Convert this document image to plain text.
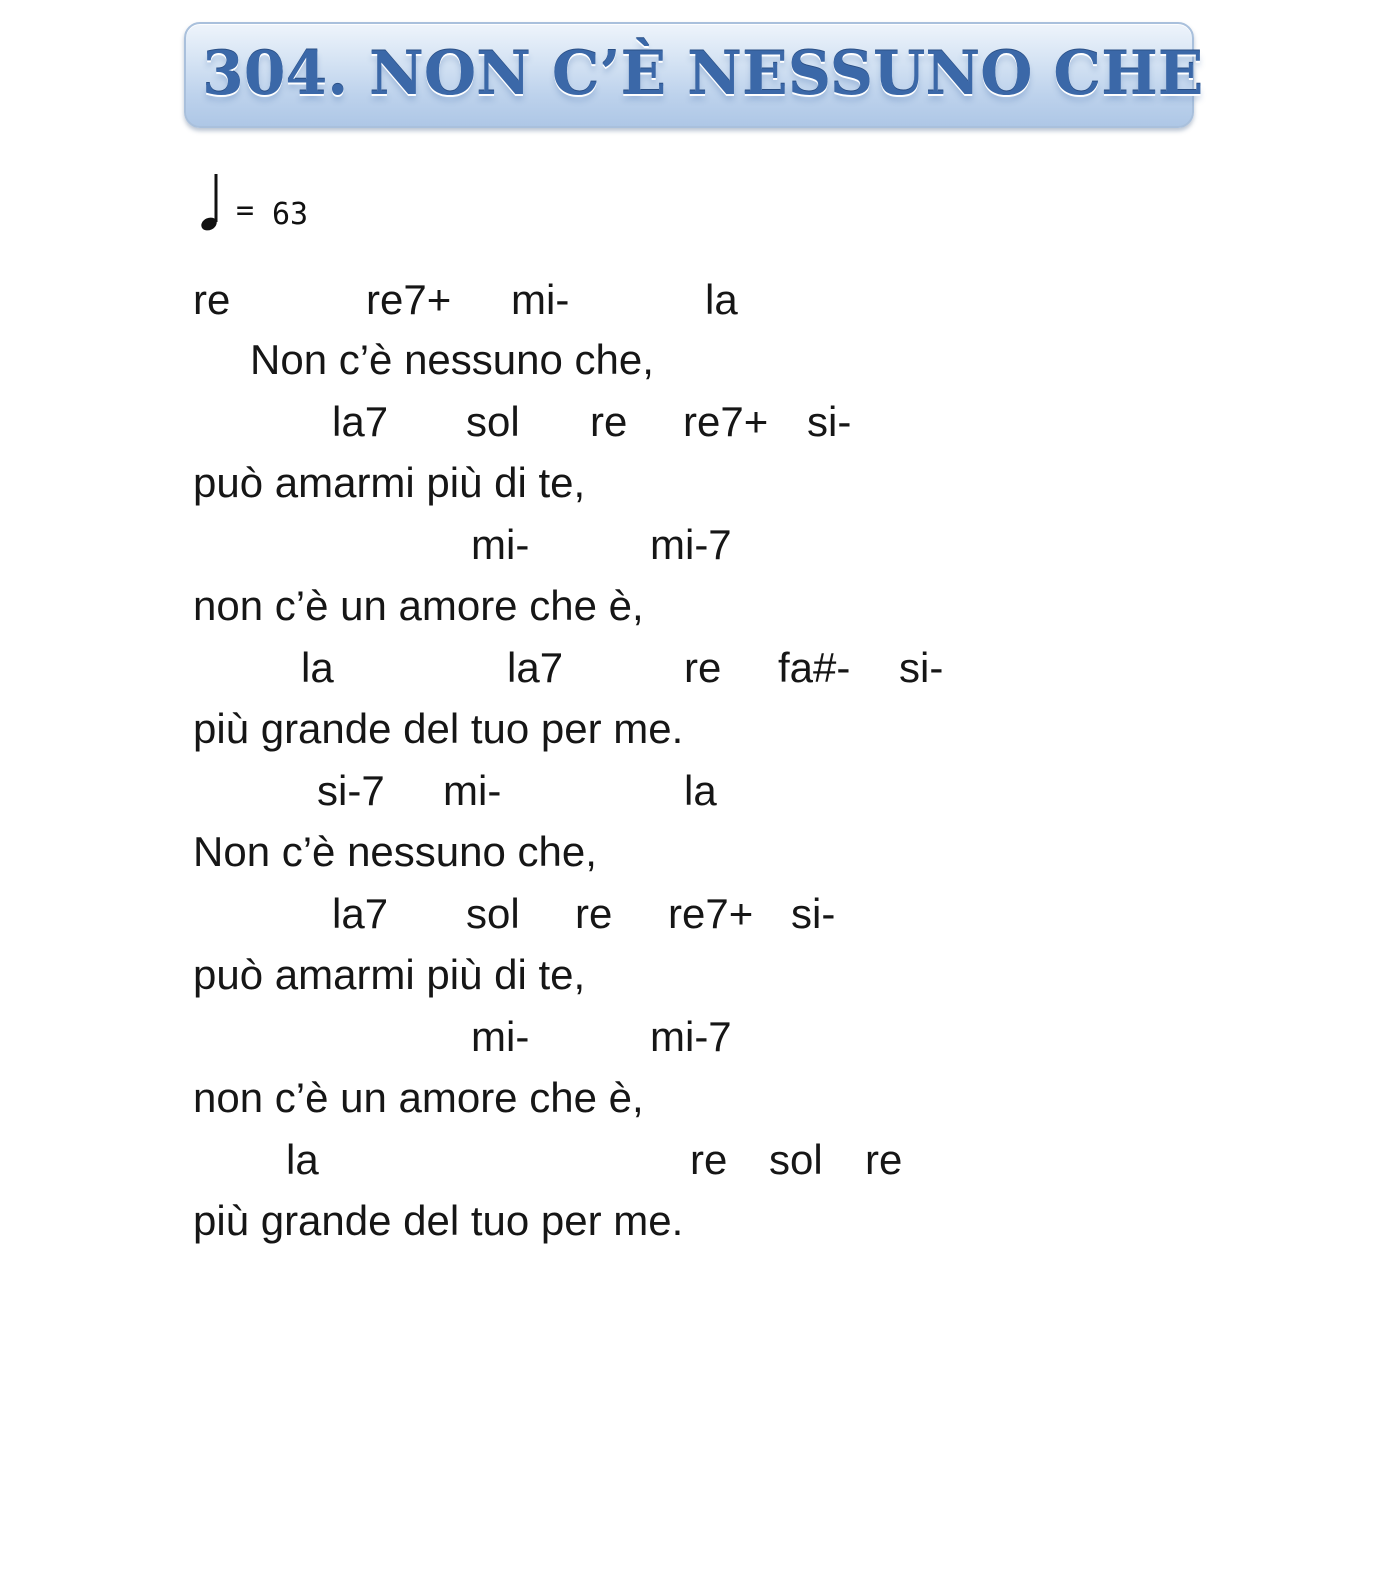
304. NON C’È NESSUNO CHE
= 63
re	re7+ mi-	la
Non c’è nessuno che,
la7 sol re re7+ si-
può amarmi più di te,
mi-	mi-7
non c’è un amore che è,
la	la7	re fa#- si-
più grande del tuo per me.
si-7 mi-	la
Non c’è nessuno che,
la7 sol re re7+ si-
può amarmi più di te,
mi-	mi-7
non c’è un amore che è,
la	re sol re
più grande del tuo per me.
